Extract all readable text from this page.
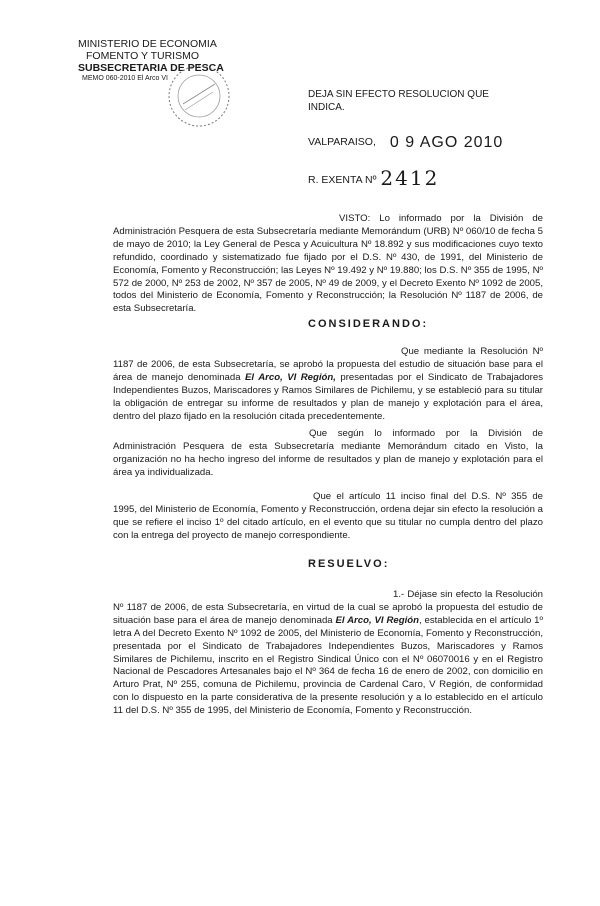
MINISTERIO DE ECONOMIA
FOMENTO Y TURISMO
SUBSECRETARIA DE PESCA
MEMO 060-2010 El Arco VI
DEJA SIN EFECTO RESOLUCION QUE INDICA.
VALPARAISO, 0 9 AGO 2010
R. EXENTA Nº 2412
VISTO: Lo informado por la División de Administración Pesquera de esta Subsecretaría mediante Memorándum (URB) Nº 060/10 de fecha 5 de mayo de 2010; la Ley General de Pesca y Acuicultura Nº 18.892 y sus modificaciones cuyo texto refundido, coordinado y sistematizado fue fijado por el D.S. Nº 430, de 1991, del Ministerio de Economía, Fomento y Reconstrucción; las Leyes Nº 19.492 y Nº 19.880; los D.S. Nº 355 de 1995, Nº 572 de 2000, Nº 253 de 2002, Nº 357 de 2005, Nº 49 de 2009, y el Decreto Exento Nº 1092 de 2005, todos del Ministerio de Economía, Fomento y Reconstrucción; la Resolución Nº 1187 de 2006, de esta Subsecretaría.
CONSIDERANDO:
Que mediante la Resolución Nº 1187 de 2006, de esta Subsecretaría, se aprobó la propuesta del estudio de situación base para el área de manejo denominada El Arco, VI Región, presentadas por el Sindicato de Trabajadores Independientes Buzos, Mariscadores y Ramos Similares de Pichilemu, y se estableció para su titular la obligación de entregar su informe de resultados y plan de manejo y explotación para el área, dentro del plazo fijado en la resolución citada precedentemente.
Que según lo informado por la División de Administración Pesquera de esta Subsecretaría mediante Memorándum citado en Visto, la organización no ha hecho ingreso del informe de resultados y plan de manejo y explotación para el área ya individualizada.
Que el artículo 11 inciso final del D.S. Nº 355 de 1995, del Ministerio de Economía, Fomento y Reconstrucción, ordena dejar sin efecto la resolución a que se refiere el inciso 1º del citado artículo, en el evento que su titular no cumpla dentro del plazo con la entrega del proyecto de manejo correspondiente.
RESUELVO:
1.- Déjase sin efecto la Resolución Nº 1187 de 2006, de esta Subsecretaría, en virtud de la cual se aprobó la propuesta del estudio de situación base para el área de manejo denominada El Arco, VI Región, establecida en el artículo 1º letra A del Decreto Exento Nº 1092 de 2005, del Ministerio de Economía, Fomento y Reconstrucción, presentada por el Sindicato de Trabajadores Independientes Buzos, Mariscadores y Ramos Similares de Pichilemu, inscrito en el Registro Sindical Único con el Nº 06070016 y en el Registro Nacional de Pescadores Artesanales bajo el Nº 364 de fecha 16 de enero de 2002, con domicilio en Arturo Prat, Nº 255, comuna de Pichilemu, provincia de Cardenal Caro, V Región, de conformidad con lo dispuesto en la parte considerativa de la presente resolución y a lo establecido en el artículo 11 del D.S. Nº 355 de 1995, del Ministerio de Economía, Fomento y Reconstrucción.
